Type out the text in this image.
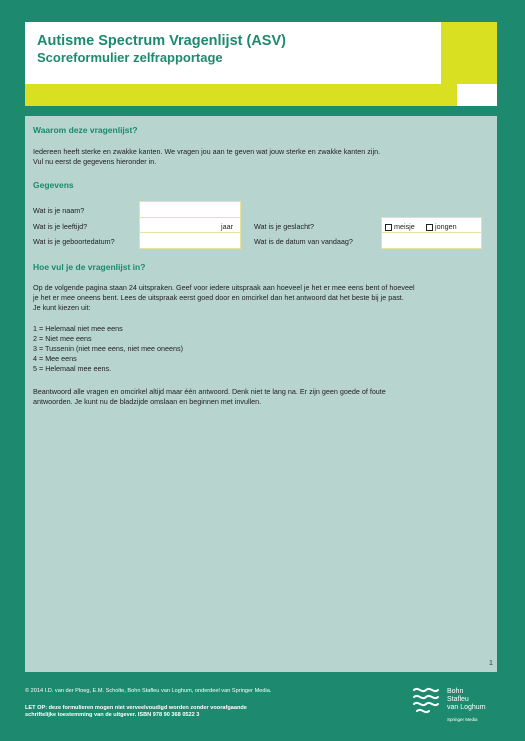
Autisme Spectrum Vragenlijst (ASV)
Scoreformulier zelfrapportage
Waarom deze vragenlijst?
Iedereen heeft sterke en zwakke kanten. We vragen jou aan te geven wat jouw sterke en zwakke kanten zijn.
Vul nu eerst de gegevens hieronder in.
Gegevens
Wat is je naam?
Wat is je leeftijd?	jaar
Wat is je geboortedatum?
Wat is je geslacht?	meisje	jongen
Wat is de datum van vandaag?
Hoe vul je de vragenlijst in?
Op de volgende pagina staan 24 uitspraken. Geef voor iedere uitspraak aan hoeveel je het er mee eens bent of hoeveel
je het er mee oneens bent. Lees de uitspraak eerst goed door en omcirkel dan het antwoord dat het beste bij je past.
Je kunt kiezen uit:
1 = Helemaal niet mee eens
2 = Niet mee eens
3 = Tussenin (niet mee eens, niet mee oneens)
4 = Mee eens
5 = Helemaal mee eens.
Beantwoord alle vragen en omcirkel altijd maar één antwoord. Denk niet te lang na. Er zijn geen goede of foute
antwoorden. Je kunt nu de bladzijde omslaan en beginnen met invullen.
1
© 2014 I.D. van der Ploeg, E.M. Scholte, Bohn Stafleu van Loghum, onderdeel van Springer Media.
LET OP: deze formulieren mogen niet verveelvoudigd worden zonder voorafgaande
schriftelijke toestemming van de uitgever. ISBN 978 90 368 0522 3
Bohn
Stafleu
van Loghum
Springer Media
